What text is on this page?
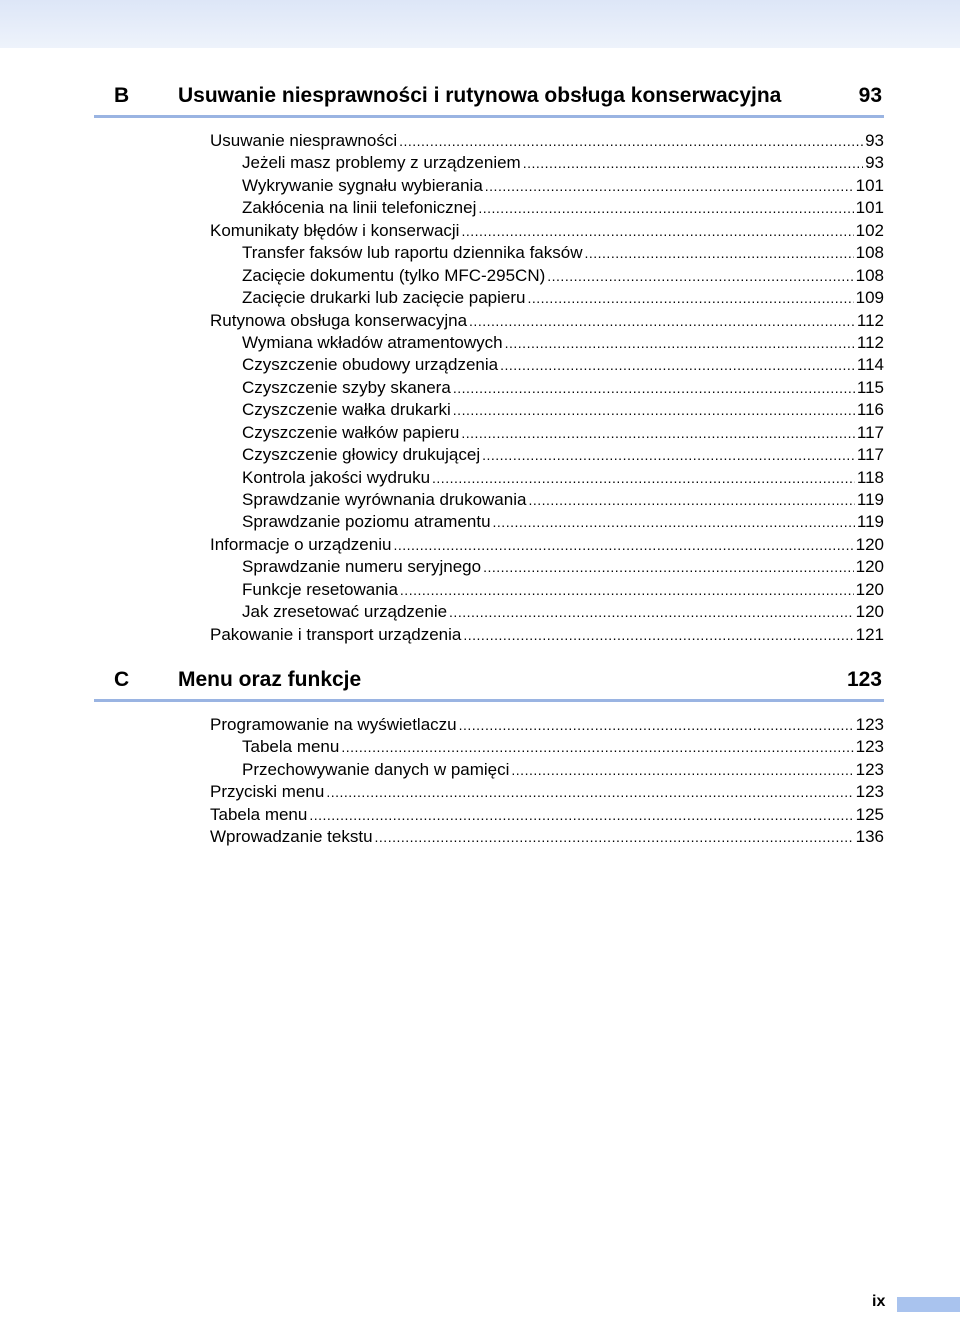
B	Usuwanie niesprawności i rutynowa obsługa konserwacyjna	93
Usuwanie niesprawności .....	93
Jeżeli masz problemy z urządzeniem .....	93
Wykrywanie sygnału wybierania .....	101
Zakłócenia na linii telefonicznej .....	101
Komunikaty błędów i konserwacji .....	102
Transfer faksów lub raportu dziennika faksów .....	108
Zacięcie dokumentu (tylko MFC-295CN) .....	108
Zacięcie drukarki lub zacięcie papieru .....	109
Rutynowa obsługa konserwacyjna .....	112
Wymiana wkładów atramentowych .....	112
Czyszczenie obudowy urządzenia .....	114
Czyszczenie szyby skanera .....	115
Czyszczenie wałka drukarki .....	116
Czyszczenie wałków papieru .....	117
Czyszczenie głowicy drukującej .....	117
Kontrola jakości wydruku .....	118
Sprawdzanie wyrównania drukowania .....	119
Sprawdzanie poziomu atramentu .....	119
Informacje o urządzeniu .....	120
Sprawdzanie numeru seryjnego .....	120
Funkcje resetowania .....	120
Jak zresetować urządzenie .....	120
Pakowanie i transport urządzenia .....	121
C	Menu oraz funkcje	123
Programowanie na wyświetlaczu .....	123
Tabela menu .....	123
Przechowywanie danych w pamięci .....	123
Przyciski menu .....	123
Tabela menu .....	125
Wprowadzanie tekstu .....	136
ix
